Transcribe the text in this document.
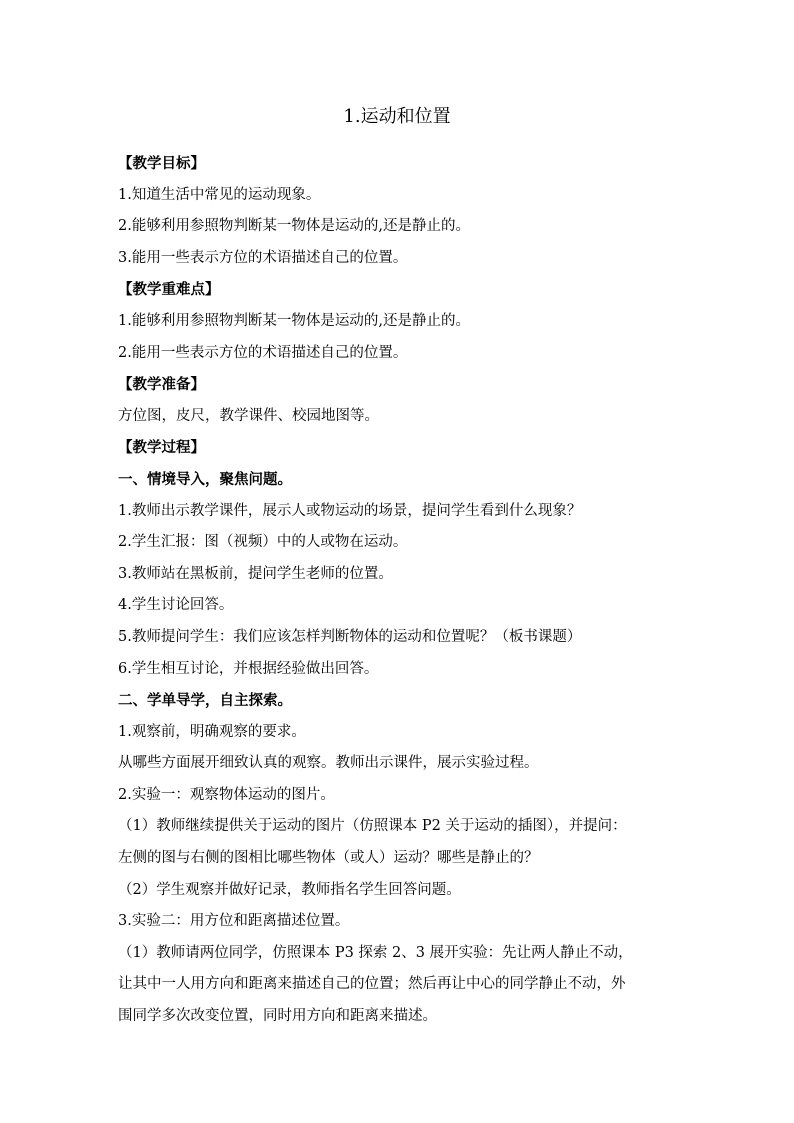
1.运动和位置
【教学目标】
1.知道生活中常见的运动现象。
2.能够利用参照物判断某一物体是运动的,还是静止的。
3.能用一些表示方位的术语描述自己的位置。
【教学重难点】
1.能够利用参照物判断某一物体是运动的,还是静止的。
2.能用一些表示方位的术语描述自己的位置。
【教学准备】
方位图，皮尺，教学课件、校园地图等。
【教学过程】
一、情境导入，聚焦问题。
1.教师出示教学课件，展示人或物运动的场景，提问学生看到什么现象？
2.学生汇报：图（视频）中的人或物在运动。
3.教师站在黑板前，提问学生老师的位置。
4.学生讨论回答。
5.教师提问学生：我们应该怎样判断物体的运动和位置呢？（板书课题）
6.学生相互讨论，并根据经验做出回答。
二、学单导学，自主探索。
1.观察前，明确观察的要求。
从哪些方面展开细致认真的观察。教师出示课件，展示实验过程。
2.实验一：观察物体运动的图片。
（1）教师继续提供关于运动的图片（仿照课本 P2 关于运动的插图），并提问：
左侧的图与右侧的图相比哪些物体（或人）运动？哪些是静止的？
（2）学生观察并做好记录，教师指名学生回答问题。
3.实验二：用方位和距离描述位置。
（1）教师请两位同学，仿照课本 P3 探索 2、3 展开实验：先让两人静止不动，
让其中一人用方向和距离来描述自己的位置；然后再让中心的同学静止不动，外
围同学多次改变位置，同时用方向和距离来描述。
